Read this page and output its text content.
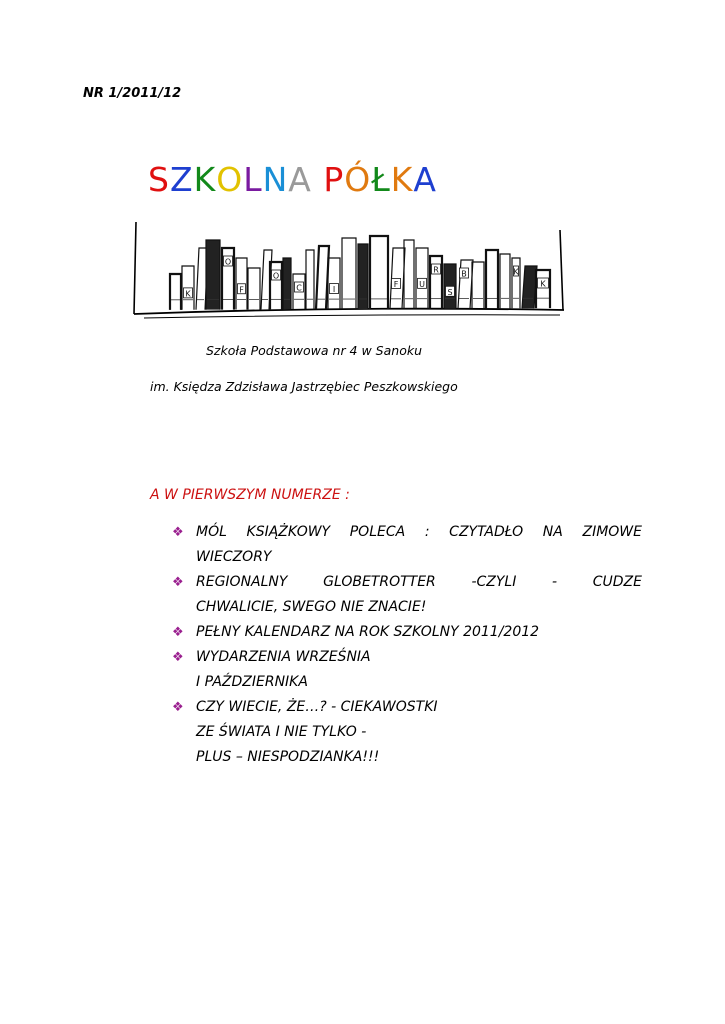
NR 1/2011/12
SZKOLNA PÓŁKA
K
O
F
O
C	I
F	U
R
S
B	K
K
Szkoła Podstawowa nr 4 w Sanoku
im. Księdza Zdzisława Jastrzębiec Peszkowskiego
A W PIERWSZYM NUMERZE :
❖ MÓL KSIĄŻKOWY POLECA : CZYTADŁO NA ZIMOWE
WIECZORY
❖ REGIONALNY GLOBETROTTER -CZYLI - CUDZE
CHWALICIE, SWEGO NIE ZNACIE!
❖ PEŁNY KALENDARZ NA ROK SZKOLNY 2011/2012
❖ WYDARZENIA WRZEŚNIA
I PAŹDZIERNIKA
❖ CZY WIECIE, ŻE…? - CIEKAWOSTKI
ZE ŚWIATA I NIE TYLKO -
PLUS – NIESPODZIANKA!!!
